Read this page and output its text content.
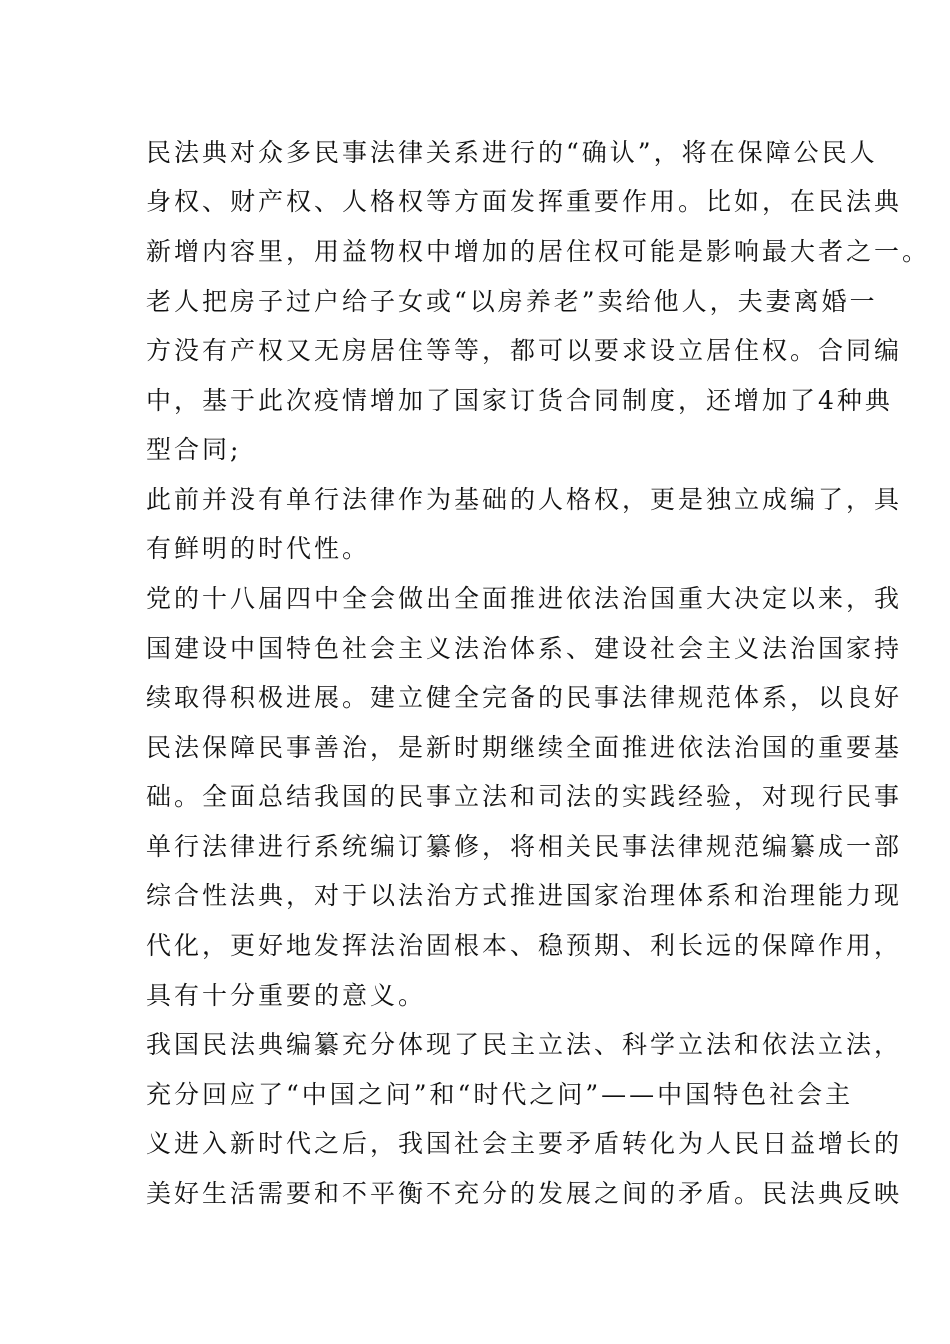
民法典对众多民事法律关系进行的“确认”，将在保障公民人
身权、财产权、人格权等方面发挥重要作用。比如，在民法典
新增内容里，用益物权中增加的居住权可能是影响最大者之一。
老人把房子过户给子女或“以房养老”卖给他人，夫妻离婚一
方没有产权又无房居住等等，都可以要求设立居住权。合同编
中，基于此次疫情增加了国家订货合同制度，还增加了4种典
型合同;
此前并没有单行法律作为基础的人格权，更是独立成编了，具
有鲜明的时代性。
党的十八届四中全会做出全面推进依法治国重大决定以来，我
国建设中国特色社会主义法治体系、建设社会主义法治国家持
续取得积极进展。建立健全完备的民事法律规范体系，以良好
民法保障民事善治，是新时期继续全面推进依法治国的重要基
础。全面总结我国的民事立法和司法的实践经验，对现行民事
单行法律进行系统编订纂修，将相关民事法律规范编纂成一部
综合性法典，对于以法治方式推进国家治理体系和治理能力现
代化，更好地发挥法治固根本、稳预期、利长远的保障作用，
具有十分重要的意义。
我国民法典编纂充分体现了民主立法、科学立法和依法立法，
充分回应了“中国之问”和“时代之问”——中国特色社会主
义进入新时代之后，我国社会主要矛盾转化为人民日益增长的
美好生活需要和不平衡不充分的发展之间的矛盾。民法典反映
